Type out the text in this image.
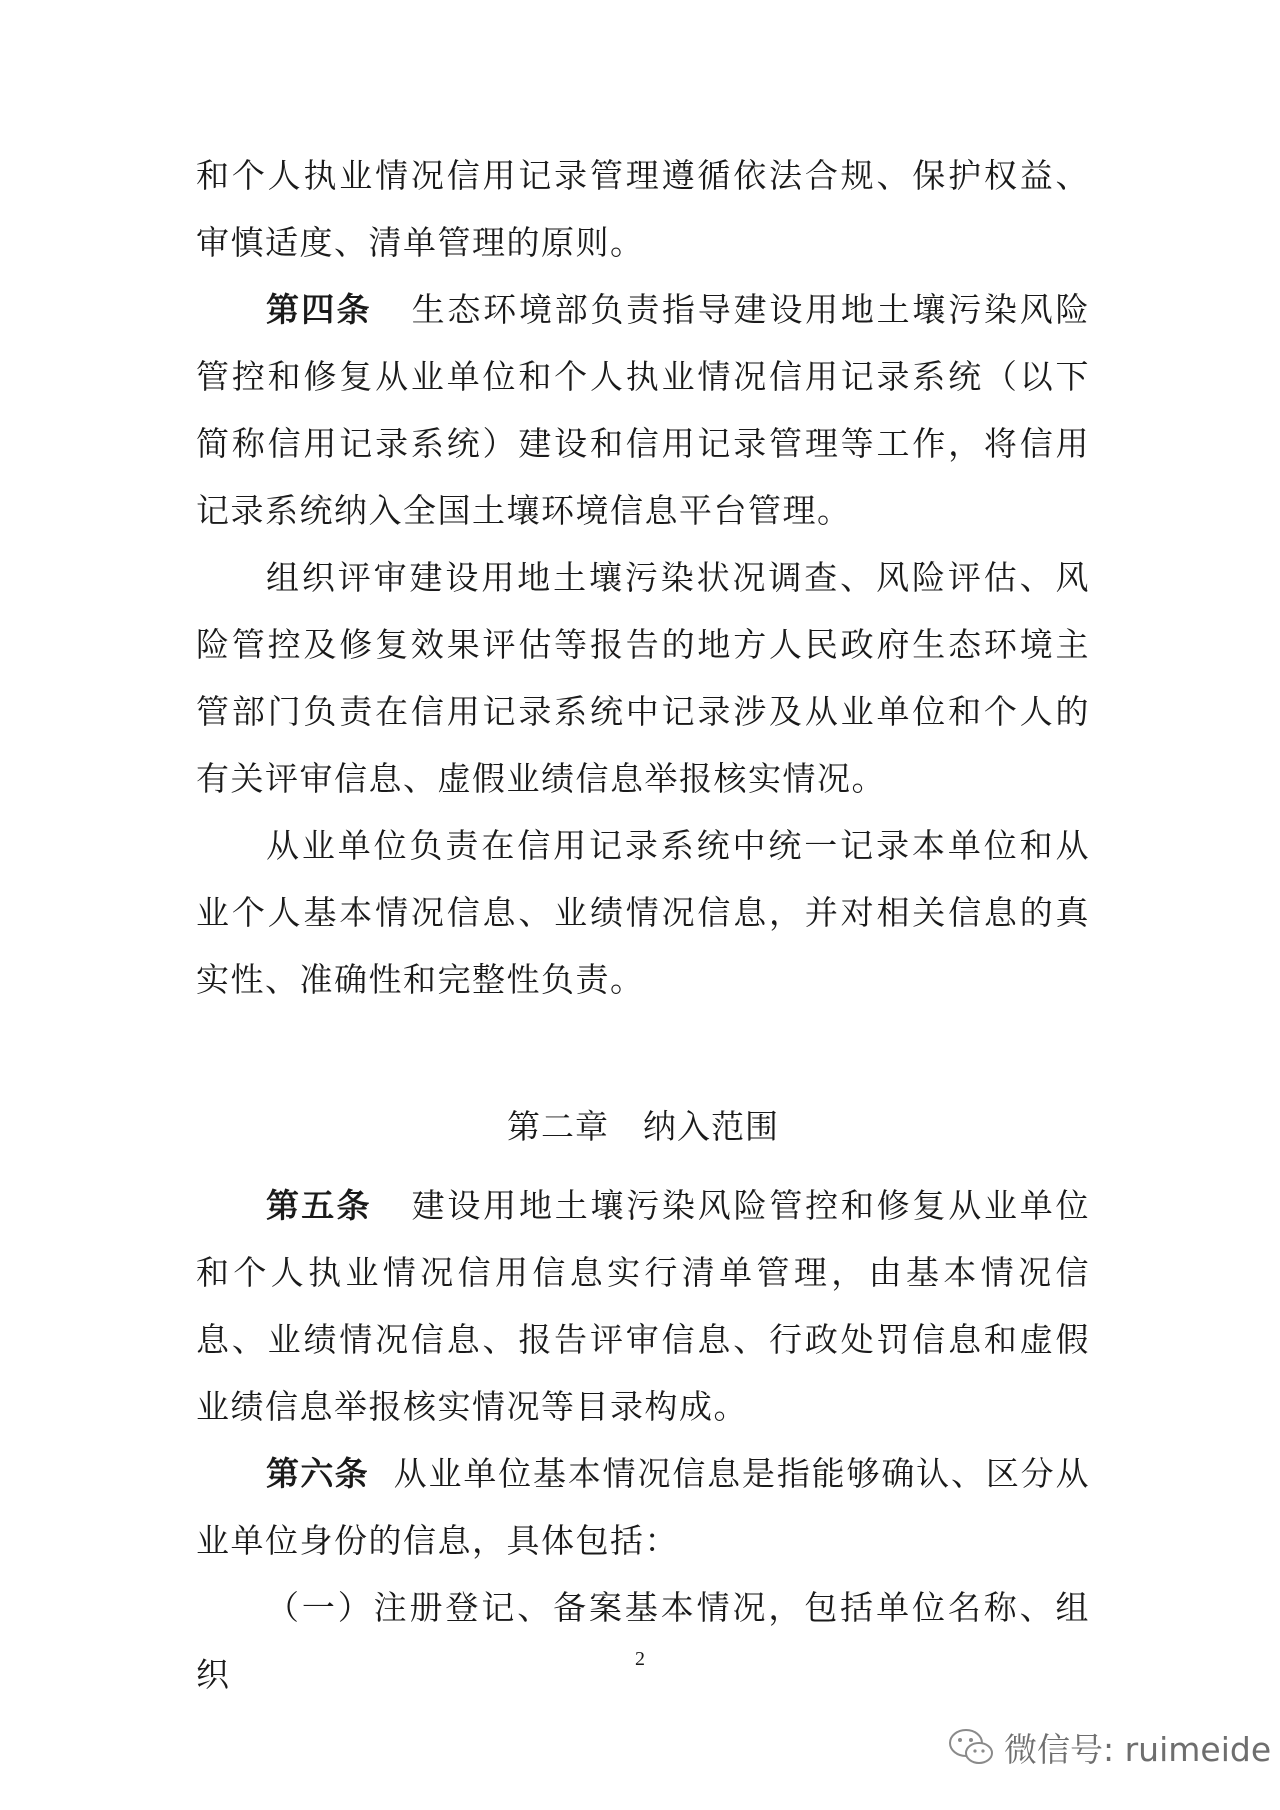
和个人执业情况信用记录管理遵循依法合规、保护权益、审慎适度、清单管理的原则。

第四条 生态环境部负责指导建设用地土壤污染风险管控和修复从业单位和个人执业情况信用记录系统（以下简称信用记录系统）建设和信用记录管理等工作，将信用记录系统纳入全国土壤环境信息平台管理。

组织评审建设用地土壤污染状况调查、风险评估、风险管控及修复效果评估等报告的地方人民政府生态环境主管部门负责在信用记录系统中记录涉及从业单位和个人的有关评审信息、虚假业绩信息举报核实情况。

从业单位负责在信用记录系统中统一记录本单位和从业个人基本情况信息、业绩情况信息，并对相关信息的真实性、准确性和完整性负责。

第二章 纳入范围

第五条 建设用地土壤污染风险管控和修复从业单位和个人执业情况信用信息实行清单管理，由基本情况信息、业绩情况信息、报告评审信息、行政处罚信息和虚假业绩信息举报核实情况等目录构成。

第六条 从业单位基本情况信息是指能够确认、区分从业单位身份的信息，具体包括：

（一）注册登记、备案基本情况，包括单位名称、组织	2
微信号: ruimeide
